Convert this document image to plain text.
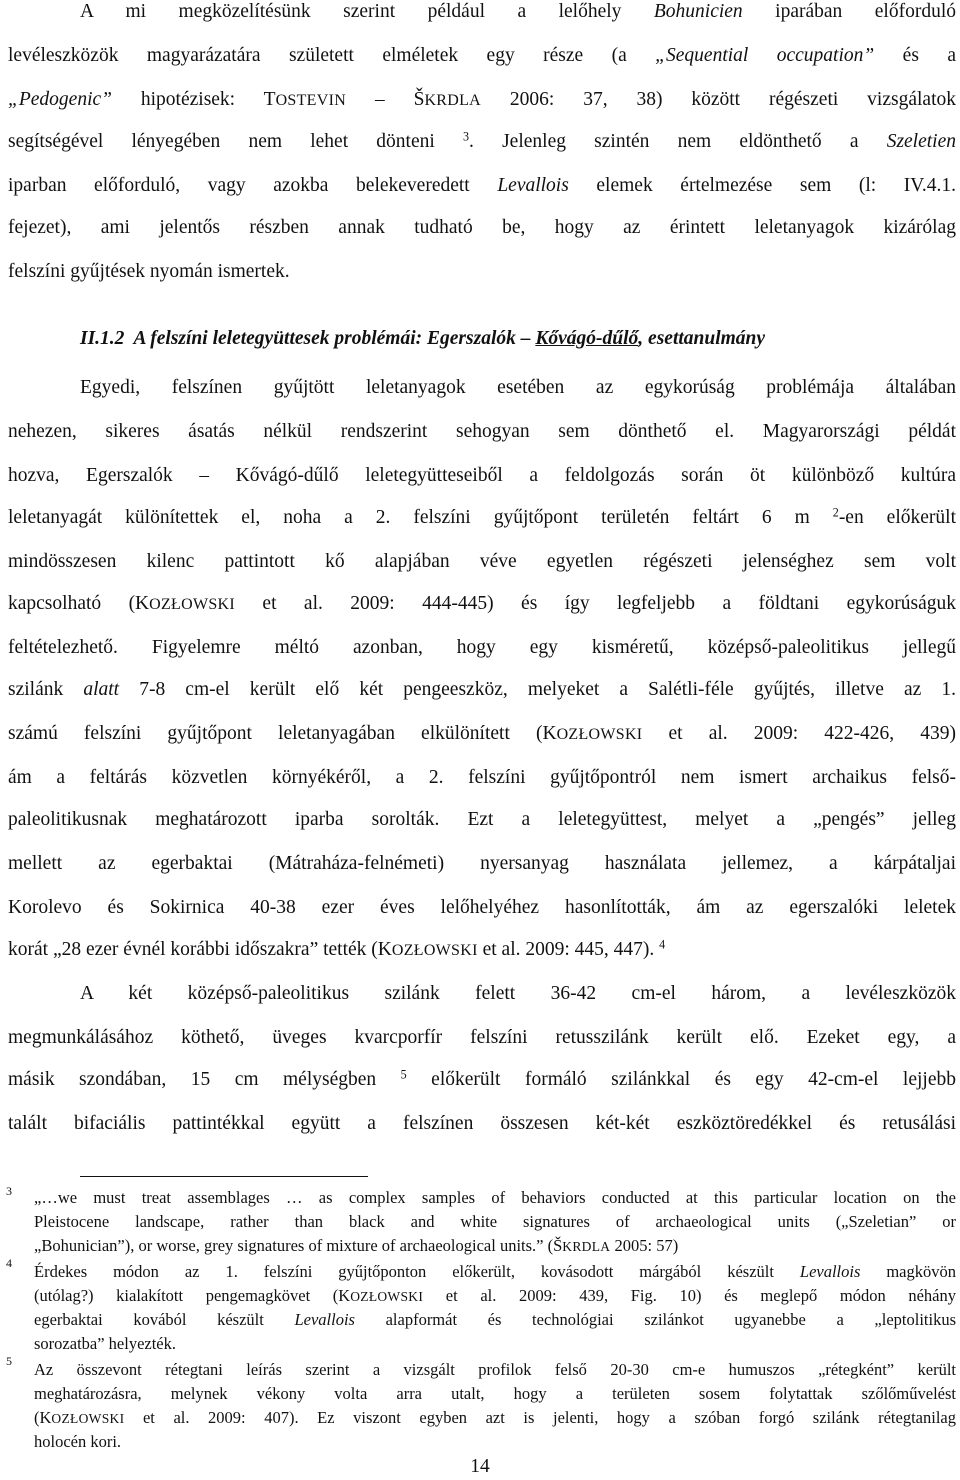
A mi megközelítésünk szerint például a lelőhely Bohunicien iparában előforduló
levéleszközök magyarázatára született elméletek egy része (a „Sequential occupation” és a
„Pedogenic” hipotézisek: TOSTEVIN – ŠKRDLA 2006: 37, 38) között régészeti vizsgálatok
segítségével lényegében nem lehet dönteni $^3$. Jelenleg szintén nem eldönthető a Szeletien
iparban előforduló, vagy azokba belekeveredett Levallois elemek értelmezése sem (l: IV.4.1.
fejezet), ami jelentős részben annak tudható be, hogy az érintett leletanyagok kizárólag
felszíni gyűjtések nyomán ismertek.
II.1.2 A felszíni leletegyüttesek problémái: Egerszalók – Kővágó-dűlő, esettanulmány
Egyedi, felszínen gyűjtött leletanyagok esetében az egykorúság problémája általában
nehezen, sikeres ásatás nélkül rendszerint sehogyan sem dönthető el. Magyarországi példát
hozva, Egerszalók – Kővágó-dűlő leletegyütteseiből a feldolgozás során öt különböző kultúra
leletanyagát különítettek el, noha a 2. felszíni gyűjtőpont területén feltárt 6 m $^2$-en előkerült
mindösszesen kilenc pattintott kő alapjában véve egyetlen régészeti jelenséghez sem volt
kapcsolható (KOZŁOWSKI et al. 2009: 444-445) és így legfeljebb a földtani egykorúságuk
feltételezhető. Figyelemre méltó azonban, hogy egy kisméretű, középső-paleolitikus jellegű
szilánk alatt 7-8 cm-el került elő két pengeeszköz, melyeket a Salétli-féle gyűjtés, illetve az 1.
számú felszíni gyűjtőpont leletanyagában elkülönített (KOZŁOWSKI et al. 2009: 422-426, 439)
ám a feltárás közvetlen környékéről, a 2. felszíni gyűjtőpontról nem ismert archaikus felső-
paleolitikusnak meghatározott iparba sorolták. Ezt a leletegyüttest, melyet a „pengés” jelleg
mellett az egerbaktai (Mátraháza-felnémeti) nyersanyag használata jellemez, a kárpátaljai
Korolevo és Sokirnica 40-38 ezer éves lelőhelyéhez hasonlították, ám az egerszalóki leletek
korát „28 ezer évnél korábbi időszakra” tették (KOZŁOWSKI et al. 2009: 445, 447). $^4$
A két középső-paleolitikus szilánk felett 36-42 cm-el három, a levéleszközök
megmunkálásához köthető, üveges kvarcporfír felszíni retusszilánk került elő. Ezeket egy, a
másik szondában, 15 cm mélységben $^5$ előkerült formáló szilánkkal és egy 42-cm-el lejjebb
talált bifaciális pattintékkal együtt a felszínen összesen két-két eszköztöredékkel és retusálási
3 „…we must treat assemblages … as complex samples of behaviors conducted at this particular location on the
Pleistocene landscape, rather than black and white signatures of archaeological units („Szeletian” or
„Bohunician”), or worse, grey signatures of mixture of archaeological units.” (ŠKRDLA 2005: 57)
4 Érdekes módon az 1. felszíni gyűjtőponton előkerült, kovásodott márgából készült Levallois magkövön
(utólag?) kialakított pengemagkövet (KOZŁOWSKI et al. 2009: 439, Fig. 10) és meglepő módon néhány
egerbaktai kovából készült Levallois alapformát és technológiai szilánkot ugyanebbe a „leptolitikus
sorozatba” helyezték.
5 Az összevont rétegtani leírás szerint a vizsgált profilok felső 20-30 cm-e humuszos „rétegként” került
meghatározásra, melynek vékony volta arra utalt, hogy a területen sosem folytattak szőlőművelést
(KOZŁOWSKI et al. 2009: 407). Ez viszont egyben azt is jelenti, hogy a szóban forgó szilánk rétegtanilag
holocén kori.
14
